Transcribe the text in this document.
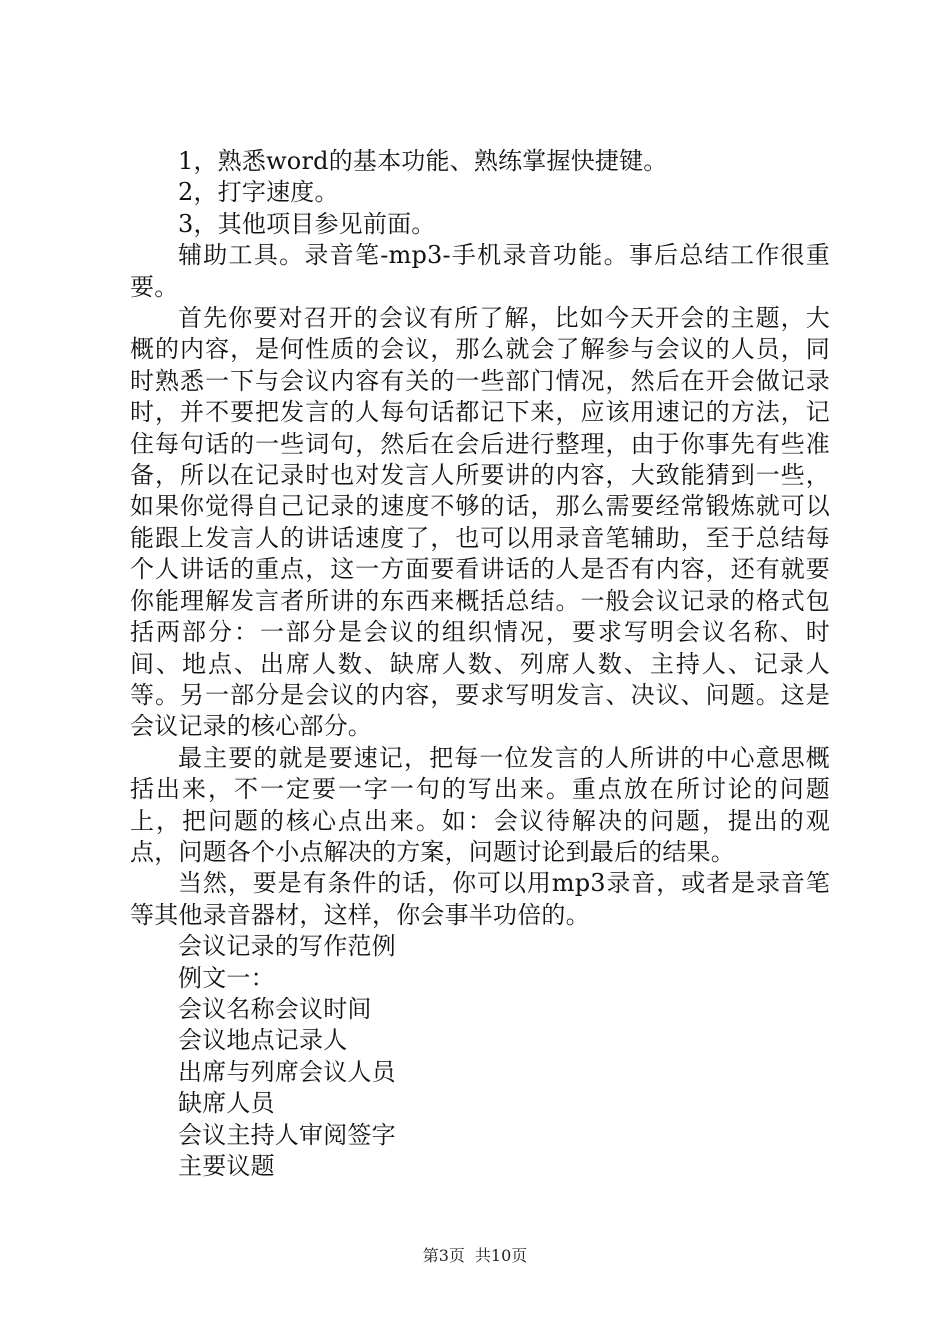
1，熟悉word的基本功能、熟练掌握快捷键。

2，打字速度。

3，其他项目参见前面。

辅助工具。录音笔-mp3-手机录音功能。事后总结工作很重要。

首先你要对召开的会议有所了解，比如今天开会的主题，大概的内容，是何性质的会议，那么就会了解参与会议的人员，同时熟悉一下与会议内容有关的一些部门情况，然后在开会做记录时，并不要把发言的人每句话都记下来，应该用速记的方法，记住每句话的一些词句，然后在会后进行整理，由于你事先有些准备，所以在记录时也对发言人所要讲的内容，大致能猜到一些，如果你觉得自己记录的速度不够的话，那么需要经常锻炼就可以能跟上发言人的讲话速度了，也可以用录音笔辅助，至于总结每个人讲话的重点，这一方面要看讲话的人是否有内容，还有就要你能理解发言者所讲的东西来概括总结。一般会议记录的格式包括两部分：一部分是会议的组织情况，要求写明会议名称、时间、地点、出席人数、缺席人数、列席人数、主持人、记录人等。另一部分是会议的内容，要求写明发言、决议、问题。这是会议记录的核心部分。

最主要的就是要速记，把每一位发言的人所讲的中心意思概括出来，不一定要一字一句的写出来。重点放在所讨论的问题上，把问题的核心点出来。如：会议待解决的问题，提出的观点，问题各个小点解决的方案，问题讨论到最后的结果。

当然，要是有条件的话，你可以用mp3录音，或者是录音笔等其他录音器材，这样，你会事半功倍的。

会议记录的写作范例

例文一：

会议名称会议时间

会议地点记录人

出席与列席会议人员

缺席人员

会议主持人审阅签字

主要议题

第3页 共10页
